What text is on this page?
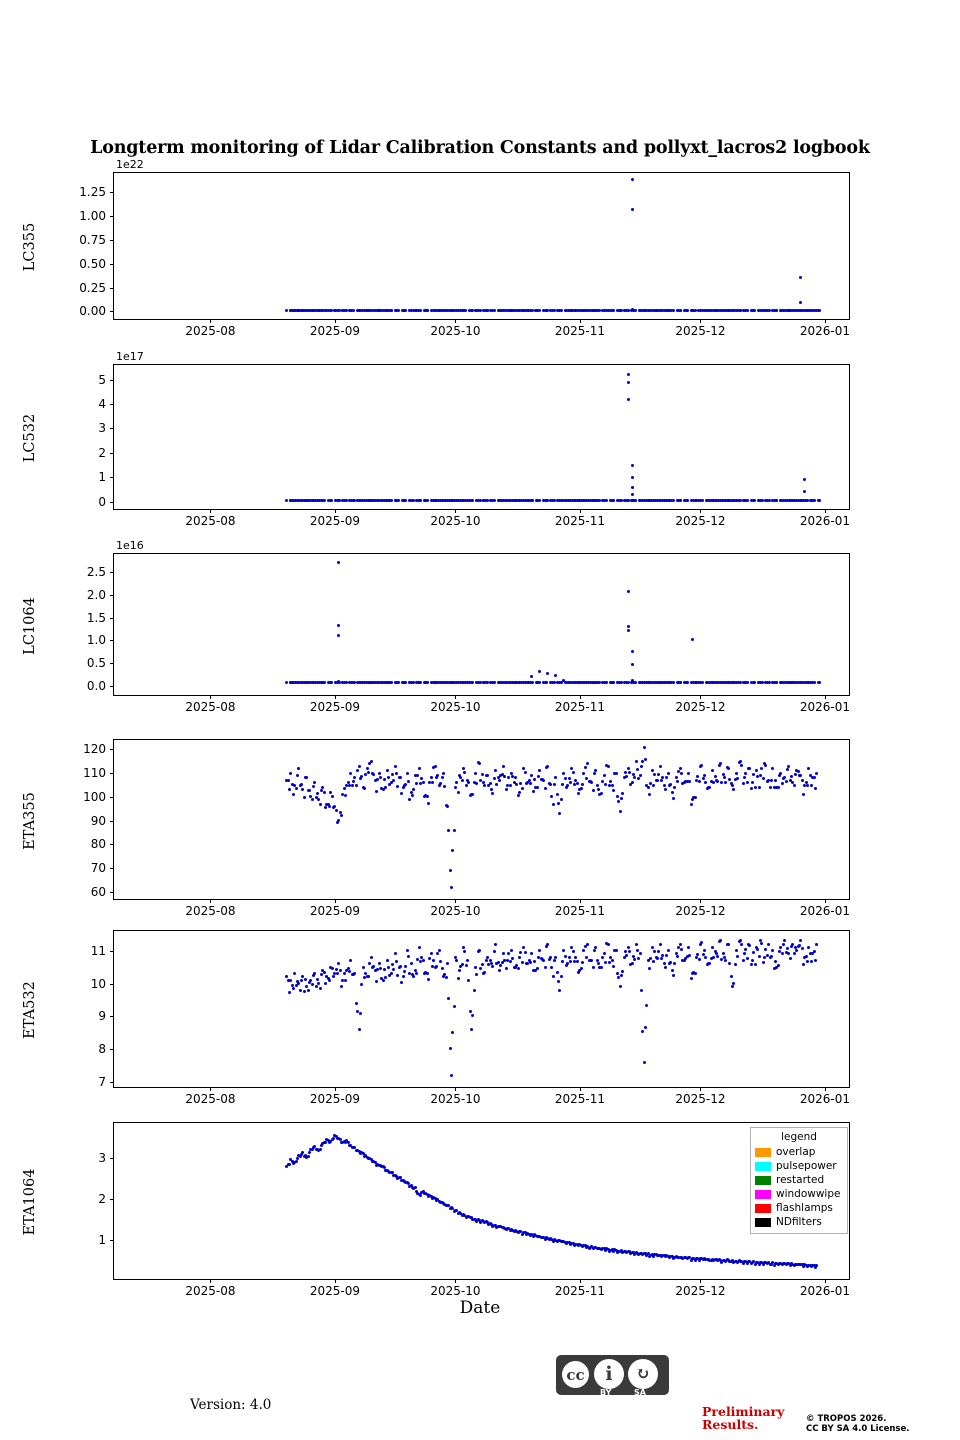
Longterm monitoring of Lidar Calibration Constants and pollyxt_lacros2 logbook
0.00
0.25
0.50
0.75
1.00
1.25
2025-08	2025-09	2025-10	2025-11	2025-12	2026-01
LC355
1e22
0
1
2
3
4
5
2025-08	2025-09	2025-10	2025-11	2025-12	2026-01
LC532
1e17
0.0
0.5
1.0
1.5
2.0
2.5
2025-08	2025-09	2025-10	2025-11	2025-12	2026-01
LC1064
1e16
60
70
80
90
100
110
120
2025-08	2025-09	2025-10	2025-11	2025-12	2026-01
ETA355
7
8
9
10
11
2025-08	2025-09	2025-10	2025-11	2025-12	2026-01
ETA532
1
2
3
2025-08	2025-09	2025-10	2025-11	2025-12	2026-01
ETA1064
Date
legend
overlap
pulsepower
restarted
windowwipe
flashlamps
NDfilters
Version: 4.0
cc	i	↻
BY	SA
Preliminary
Results.	© TROPOS 2026.
CC BY SA 4.0 License.
